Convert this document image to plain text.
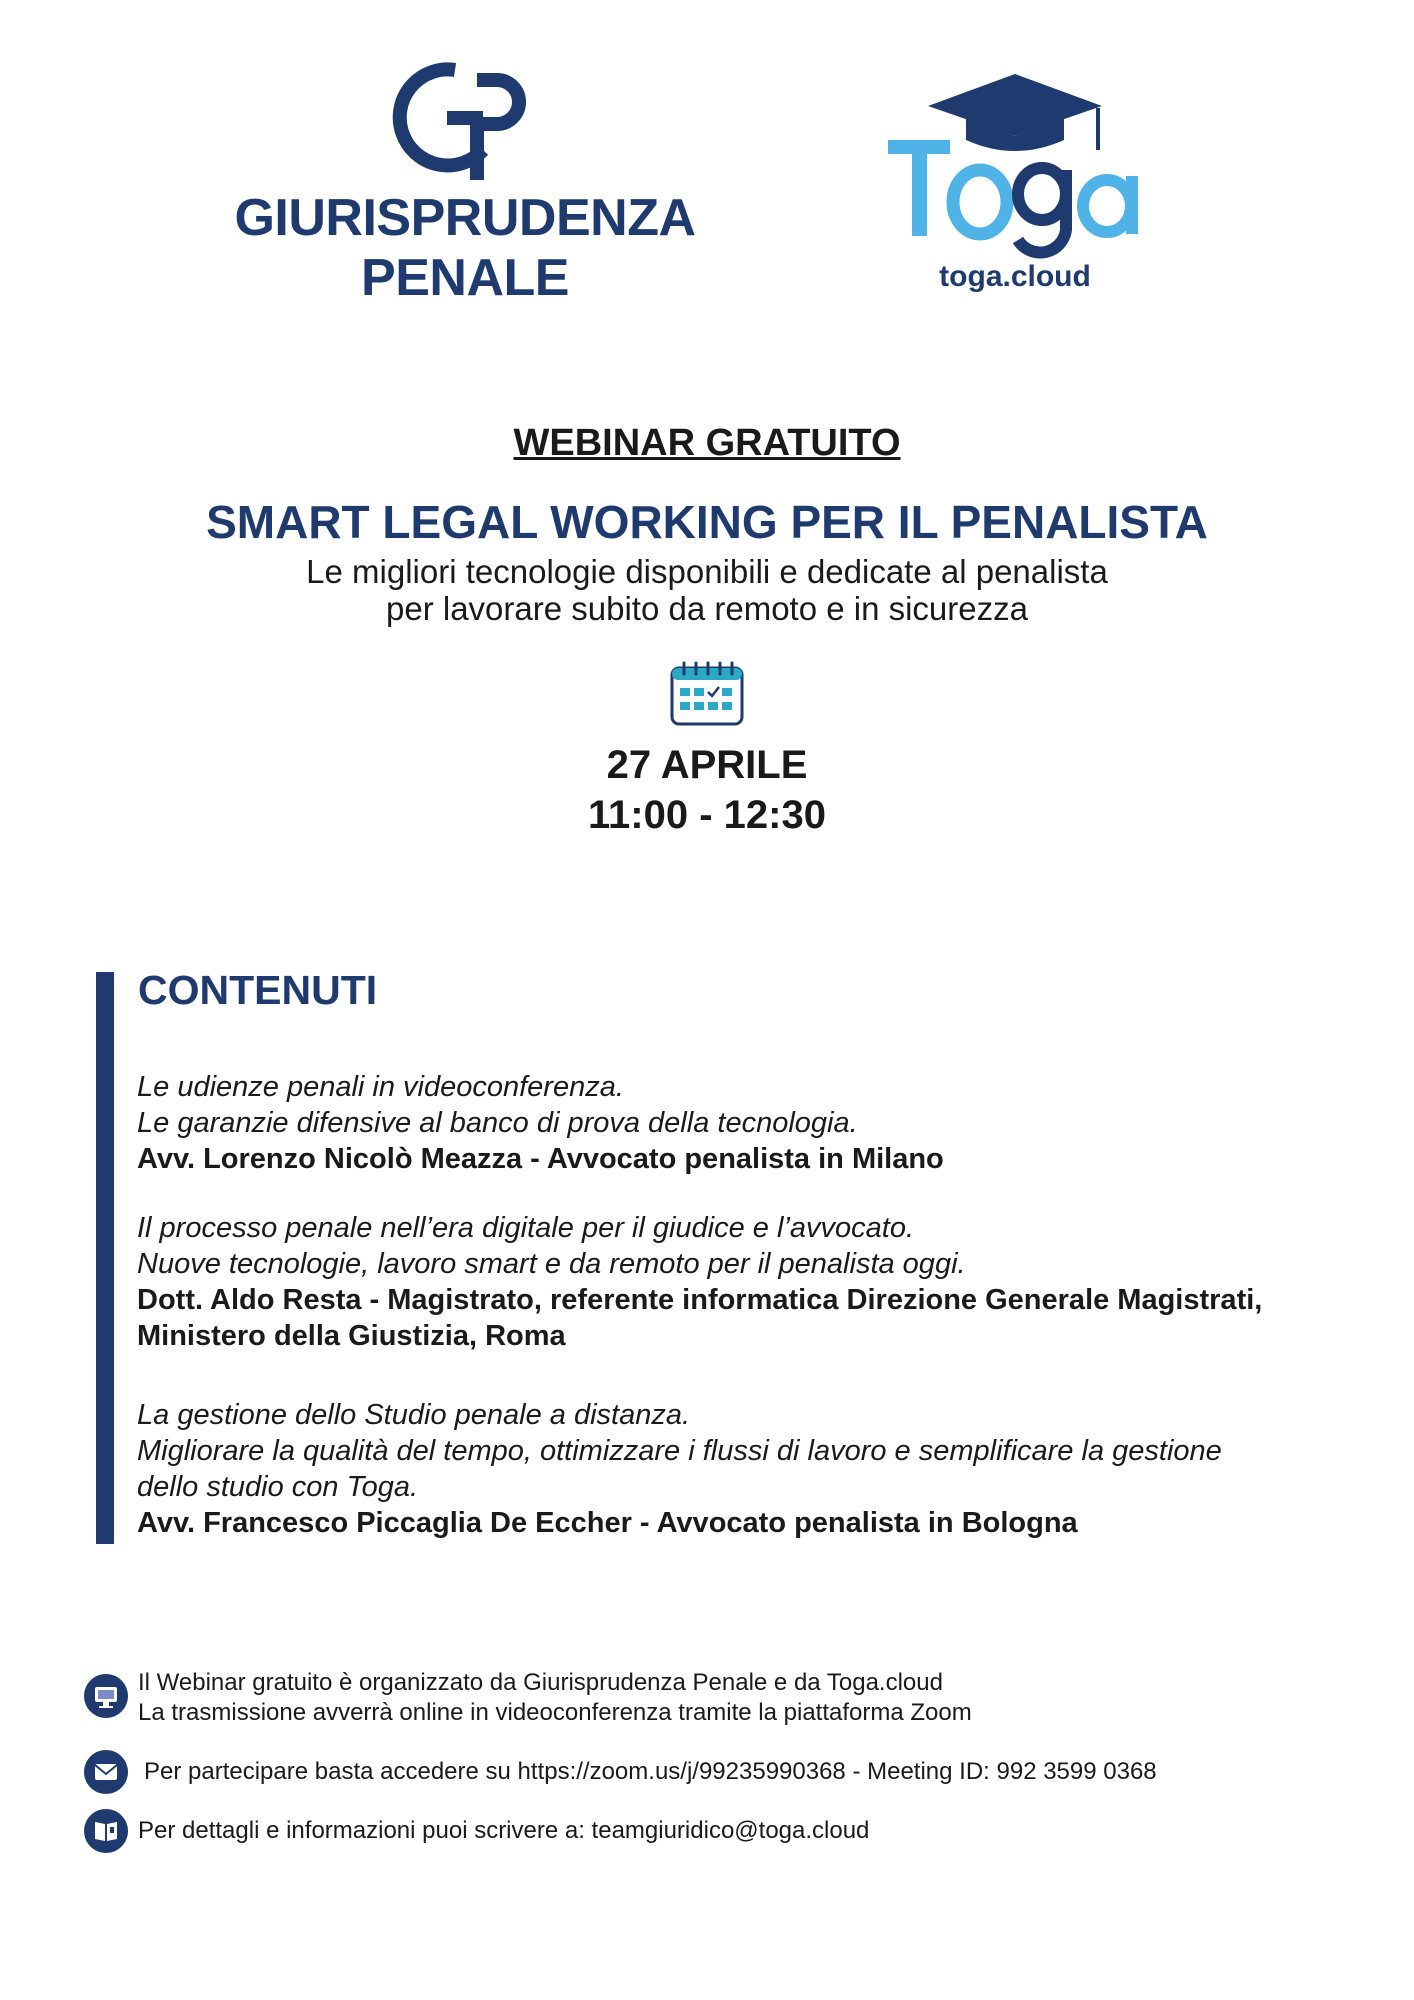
GIURISPRUDENZA
PENALE	toga.cloud
WEBINAR GRATUITO
SMART LEGAL WORKING PER IL PENALISTA
Le migliori tecnologie disponibili e dedicate al penalista
per lavorare subito da remoto e in sicurezza
27 APRILE
11:00 - 12:30
CONTENUTI
Le udienze penali in videoconferenza.
Le garanzie difensive al banco di prova della tecnologia.
Avv. Lorenzo Nicolò Meazza - Avvocato penalista in Milano
Il processo penale nell’era digitale per il giudice e l’avvocato.
Nuove tecnologie, lavoro smart e da remoto per il penalista oggi.
Dott. Aldo Resta - Magistrato, referente informatica Direzione Generale Magistrati,
Ministero della Giustizia, Roma
La gestione dello Studio penale a distanza.
Migliorare la qualità del tempo, ottimizzare i flussi di lavoro e semplificare la gestione
dello studio con Toga.
Avv. Francesco Piccaglia De Eccher - Avvocato penalista in Bologna
Il Webinar gratuito è organizzato da Giurisprudenza Penale e da Toga.cloud
La trasmissione avverrà online in videoconferenza tramite la piattaforma Zoom
Per partecipare basta accedere su https://zoom.us/j/99235990368 - Meeting ID: 992 3599 0368
Per dettagli e informazioni puoi scrivere a: teamgiuridico@toga.cloud
